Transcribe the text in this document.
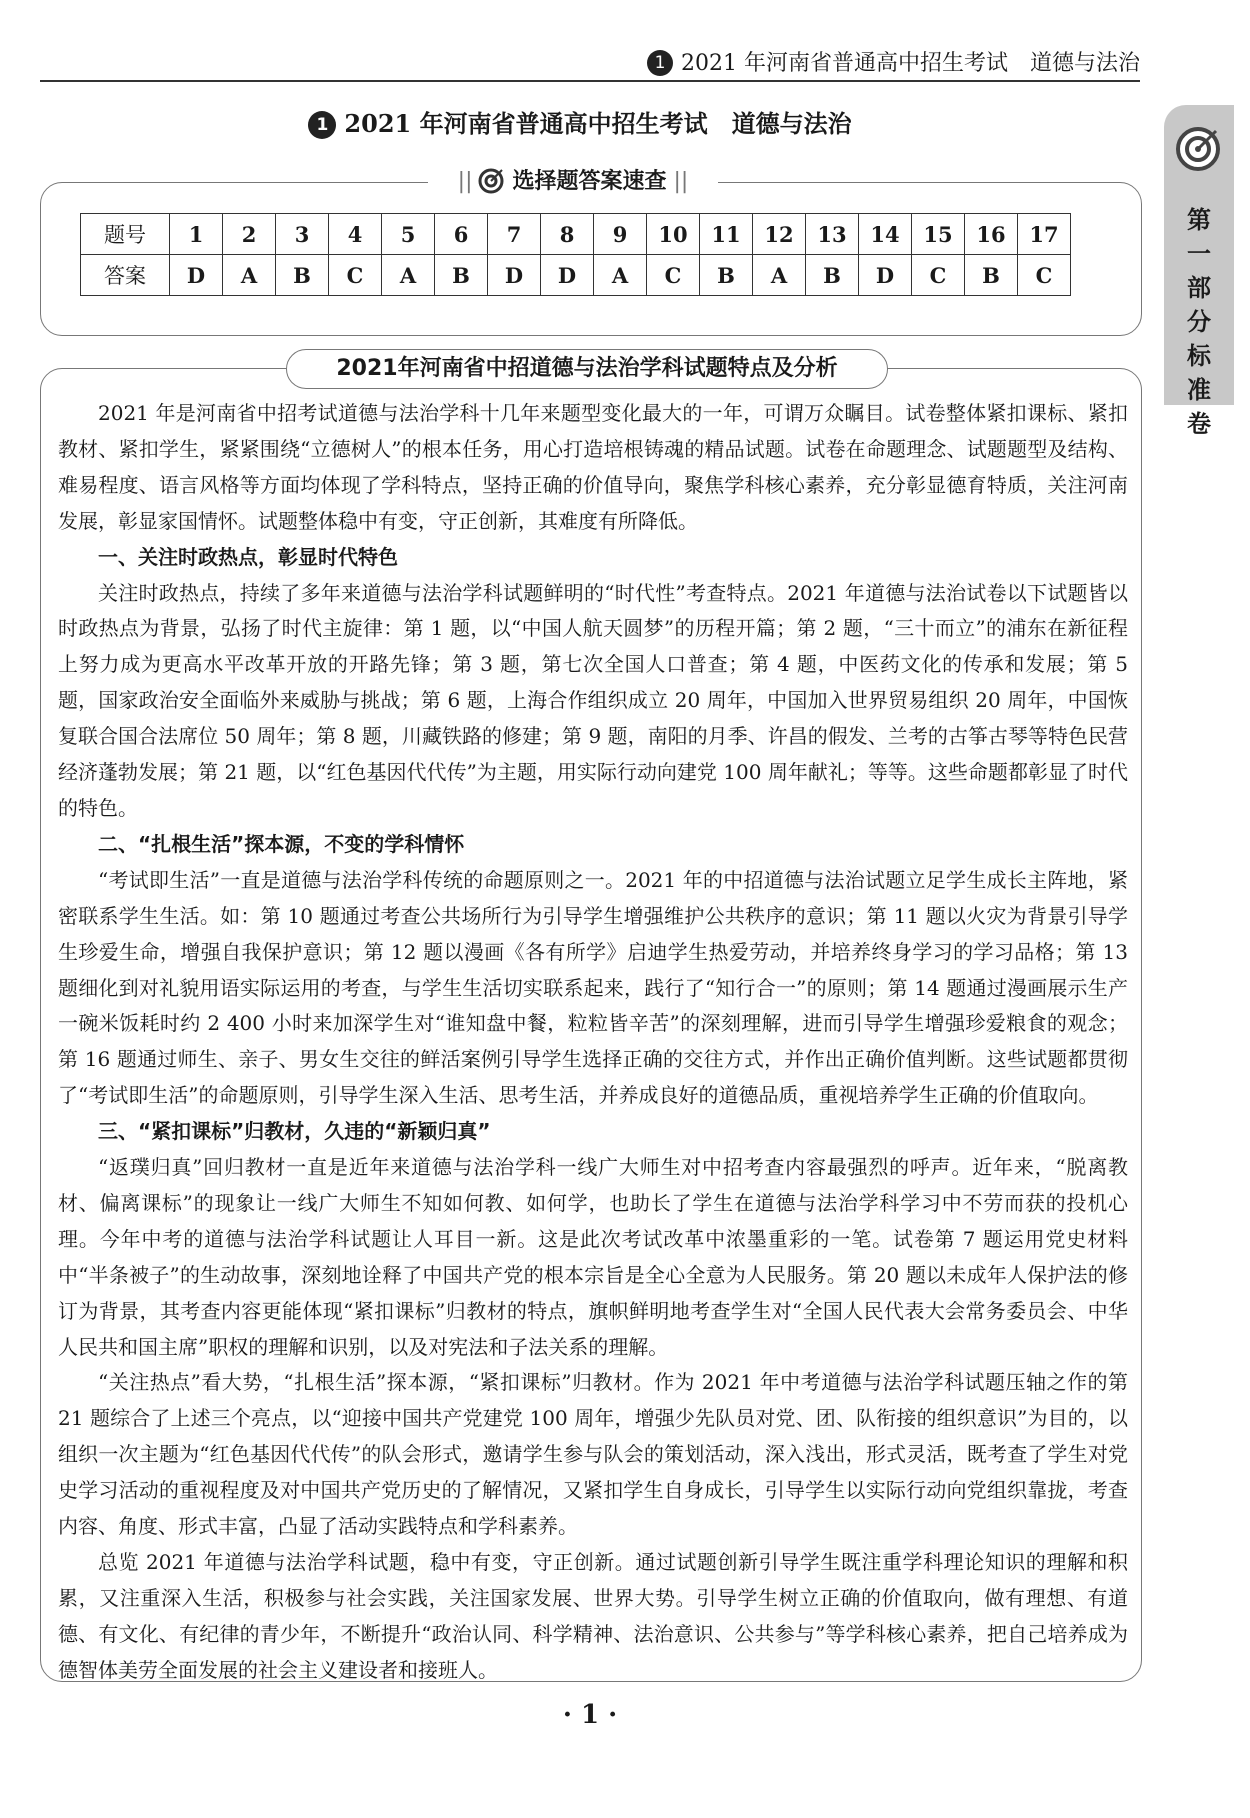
1 2021 年河南省普通高中招生考试　道德与法治
1 2021 年河南省普通高中招生考试　道德与法治
第一部分　标准卷
|| 选择题答案速查 ||
题号	1	2	3	4	5	6	7	8	9	10	11	12	13	14	15	16	17
答案	D	A	B	C	A	B	D	D	A	C	B	A	B	D	C	B	C
2021年河南省中招道德与法治学科试题特点及分析

2021 年是河南省中招考试道德与法治学科十几年来题型变化最大的一年，可谓万众瞩目。试卷整体紧扣课标、紧扣教材、紧扣学生，紧紧围绕“立德树人”的根本任务，用心打造培根铸魂的精品试题。试卷在命题理念、试题题型及结构、难易程度、语言风格等方面均体现了学科特点，坚持正确的价值导向，聚焦学科核心素养，充分彰显德育特质，关注河南发展，彰显家国情怀。试题整体稳中有变，守正创新，其难度有所降低。

一、关注时政热点，彰显时代特色

关注时政热点，持续了多年来道德与法治学科试题鲜明的“时代性”考查特点。2021 年道德与法治试卷以下试题皆以时政热点为背景，弘扬了时代主旋律：第 1 题，以“中国人航天圆梦”的历程开篇；第 2 题，“三十而立”的浦东在新征程上努力成为更高水平改革开放的开路先锋；第 3 题，第七次全国人口普查；第 4 题，中医药文化的传承和发展；第 5 题，国家政治安全面临外来威胁与挑战；第 6 题，上海合作组织成立 20 周年，中国加入世界贸易组织 20 周年，中国恢复联合国合法席位 50 周年；第 8 题，川藏铁路的修建；第 9 题，南阳的月季、许昌的假发、兰考的古筝古琴等特色民营经济蓬勃发展；第 21 题，以“红色基因代代传”为主题，用实际行动向建党 100 周年献礼；等等。这些命题都彰显了时代的特色。

二、“扎根生活”探本源，不变的学科情怀

“考试即生活”一直是道德与法治学科传统的命题原则之一。2021 年的中招道德与法治试题立足学生成长主阵地，紧密联系学生生活。如：第 10 题通过考查公共场所行为引导学生增强维护公共秩序的意识；第 11 题以火灾为背景引导学生珍爱生命，增强自我保护意识；第 12 题以漫画《各有所学》启迪学生热爱劳动，并培养终身学习的学习品格；第 13 题细化到对礼貌用语实际运用的考查，与学生生活切实联系起来，践行了“知行合一”的原则；第 14 题通过漫画展示生产一碗米饭耗时约 2 400 小时来加深学生对“谁知盘中餐，粒粒皆辛苦”的深刻理解，进而引导学生增强珍爱粮食的观念；第 16 题通过师生、亲子、男女生交往的鲜活案例引导学生选择正确的交往方式，并作出正确价值判断。这些试题都贯彻了“考试即生活”的命题原则，引导学生深入生活、思考生活，并养成良好的道德品质，重视培养学生正确的价值取向。

三、“紧扣课标”归教材，久违的“新颖归真”

“返璞归真”回归教材一直是近年来道德与法治学科一线广大师生对中招考查内容最强烈的呼声。近年来，“脱离教材、偏离课标”的现象让一线广大师生不知如何教、如何学，也助长了学生在道德与法治学科学习中不劳而获的投机心理。今年中考的道德与法治学科试题让人耳目一新。这是此次考试改革中浓墨重彩的一笔。试卷第 7 题运用党史材料中“半条被子”的生动故事，深刻地诠释了中国共产党的根本宗旨是全心全意为人民服务。第 20 题以未成年人保护法的修订为背景，其考查内容更能体现“紧扣课标”归教材的特点，旗帜鲜明地考查学生对“全国人民代表大会常务委员会、中华人民共和国主席”职权的理解和识别，以及对宪法和子法关系的理解。

“关注热点”看大势，“扎根生活”探本源，“紧扣课标”归教材。作为 2021 年中考道德与法治学科试题压轴之作的第 21 题综合了上述三个亮点，以“迎接中国共产党建党 100 周年，增强少先队员对党、团、队衔接的组织意识”为目的，以组织一次主题为“红色基因代代传”的队会形式，邀请学生参与队会的策划活动，深入浅出，形式灵活，既考查了学生对党史学习活动的重视程度及对中国共产党历史的了解情况，又紧扣学生自身成长，引导学生以实际行动向党组织靠拢，考查内容、角度、形式丰富，凸显了活动实践特点和学科素养。

总览 2021 年道德与法治学科试题，稳中有变，守正创新。通过试题创新引导学生既注重学科理论知识的理解和积累，又注重深入生活，积极参与社会实践，关注国家发展、世界大势。引导学生树立正确的价值取向，做有理想、有道德、有文化、有纪律的青少年，不断提升“政治认同、科学精神、法治意识、公共参与”等学科核心素养，把自己培养成为德智体美劳全面发展的社会主义建设者和接班人。

· 1 ·
